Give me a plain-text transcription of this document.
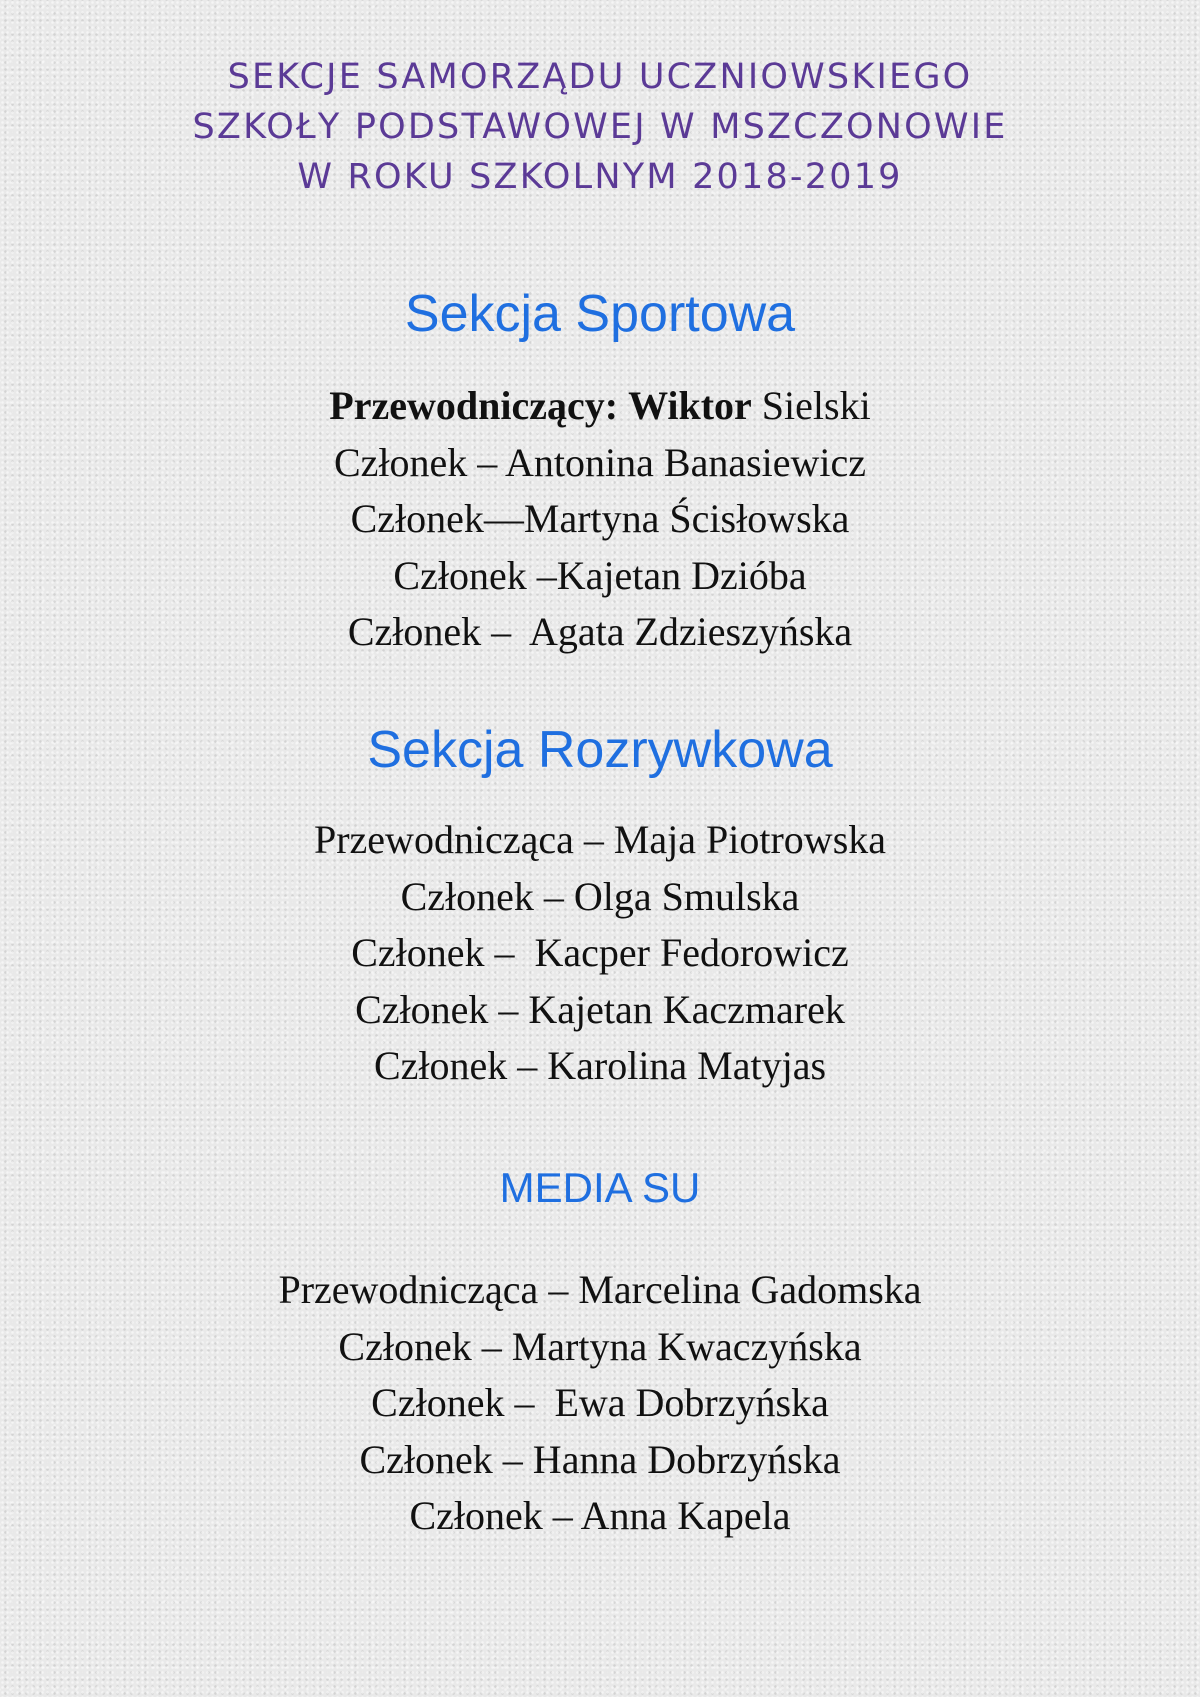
SEKCJE SAMORZĄDU UCZNIOWSKIEGO
SZKOŁY PODSTAWOWEJ W MSZCZONOWIE
W ROKU SZKOLNYM 2018-2019
Sekcja Sportowa
Przewodniczący: Wiktor Sielski
Członek – Antonina Banasiewicz
Członek—Martyna Ścisłowska
Członek –Kajetan Dzióba
Członek –  Agata Zdzieszyńska
Sekcja Rozrywkowa
Przewodnicząca – Maja Piotrowska
Członek – Olga Smulska
Członek –  Kacper Fedorowicz
Członek – Kajetan Kaczmarek
Członek – Karolina Matyjas
MEDIA SU
Przewodnicząca – Marcelina Gadomska
Członek – Martyna Kwaczyńska
Członek –  Ewa Dobrzyńska
Członek – Hanna Dobrzyńska
Członek – Anna Kapela
